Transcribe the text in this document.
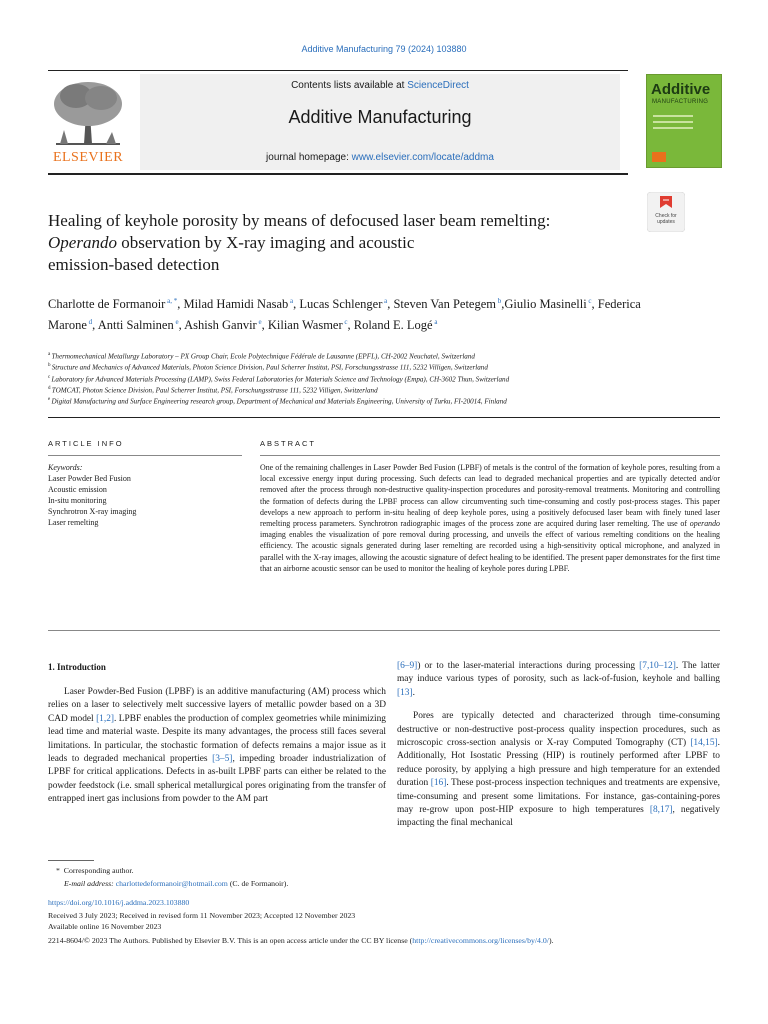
Additive Manufacturing 79 (2024) 103880
ELSEVIER
Contents lists available at ScienceDirect
Additive Manufacturing
journal homepage: www.elsevier.com/locate/addma
Additive
MANUFACTURING
Check for updates
Healing of keyhole porosity by means of defocused laser beam remelting:
Operando observation by X-ray imaging and acoustic
emission-based detection
Charlotte de Formanoir $^{a, *}$, Milad Hamidi Nasab $^a$, Lucas Schlenger $^a$, Steven Van Petegem $^b$,Giulio Masinelli $^c$, Federica Marone $^d$, Antti Salminen $^e$, Ashish Ganvir $^e$, Kilian Wasmer $^c$, Roland E. Logé $^a$
$^a$ Thermomechanical Metallurgy Laboratory – PX Group Chair, Ecole Polytechnique Fédérale de Lausanne (EPFL), CH-2002 Neuchatel, Switzerland
$^b$ Structure and Mechanics of Advanced Materials, Photon Science Division, Paul Scherrer Institut, PSI, Forschungsstrasse 111, 5232 Villigen, Switzerland
$^c$ Laboratory for Advanced Materials Processing (LAMP), Swiss Federal Laboratories for Materials Science and Technology (Empa), CH-3602 Thun, Switzerland
$^d$ TOMCAT, Photon Science Division, Paul Scherrer Institut, PSI, Forschungsstrasse 111, 5232 Villigen, Switzerland
$^e$ Digital Manufacturing and Surface Engineering research group, Department of Mechanical and Materials Engineering, University of Turku, FI-20014, Finland
ARTICLE INFO	ABSTRACT
Keywords:
Laser Powder Bed Fusion
Acoustic emission
In-situ monitoring
Synchrotron X-ray imaging
Laser remelting
One of the remaining challenges in Laser Powder Bed Fusion (LPBF) of metals is the control of the formation of keyhole pores, resulting from a local excessive energy input during processing. Such defects can lead to degraded mechanical properties and are typically detected and/or removed after the process through non-destructive quality-inspection procedures and porosity-removal treatments. Monitoring and controlling the formation of defects during the LPBF process can allow circumventing such time-consuming and costly post-process stages. This paper develops a new approach to perform in-situ healing of deep keyhole pores, using a positively defocused laser beam with finely tuned laser remelting process parameters. Synchrotron radiographic images of the process zone are acquired during laser remelting. The use of operando imaging enables the visualization of pore removal during processing, and unveils the effect of various remelting conditions on the healing efficiency. The acoustic signals generated during laser remelting are recorded using a high-sensitivity optical microphone, and analyzed in parallel with the X-ray images, allowing the acoustic signature of defect healing to be identified. The present paper demonstrates for the first time that an airborne acoustic sensor can be used to monitor the healing of keyhole pores during LPBF.
1. Introduction

Laser Powder-Bed Fusion (LPBF) is an additive manufacturing (AM) process which relies on a laser to selectively melt successive layers of metallic powder based on a 3D CAD model [1,2]. LPBF enables the production of complex geometries while minimizing lead time and material waste. Despite its many advantages, the process still faces several limitations. In particular, the stochastic formation of defects remains a major issue as it leads to degraded mechanical properties [3–5], impeding broader industrialization of LPBF for critical applications. Defects in as-built LPBF parts can either be related to the powder feedstock (i.e. small spherical metallurgical pores originating from the transfer of entrapped inert gas inclusions from powder to the AM part

[6–9]) or to the laser-material interactions during processing [7,10–12]. The latter may induce various types of porosity, such as lack-of-fusion, keyhole and balling [13].

Pores are typically detected and characterized through time-consuming destructive or non-destructive post-process quality inspection procedures, such as microscopic cross-section analysis or X-ray Computed Tomography (CT) [14,15]. Additionally, Hot Isostatic Pressing (HIP) is routinely performed after LPBF to reduce porosity, by applying a high pressure and high temperature for an extended duration [16]. These post-process inspection techniques and treatments are expensive, time-consuming and present some limitations. For instance, gas-containing-pores may re-grow upon post-HIP exposure to high temperatures [8,17], negatively impacting the final mechanical

*  Corresponding author.
E-mail address: charlottedeformanoir@hotmail.com (C. de Formanoir).
https://doi.org/10.1016/j.addma.2023.103880
Received 3 July 2023; Received in revised form 11 November 2023; Accepted 12 November 2023
Available online 16 November 2023
2214-8604/© 2023 The Authors. Published by Elsevier B.V. This is an open access article under the CC BY license (http://creativecommons.org/licenses/by/4.0/).
